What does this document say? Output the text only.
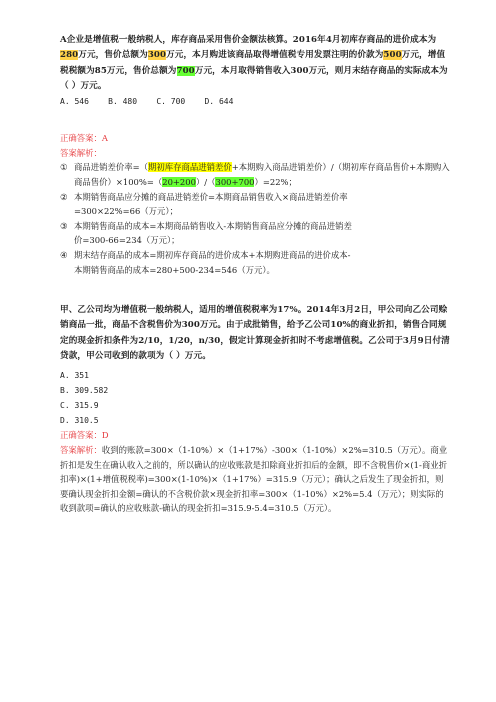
A企业是增值税一般纳税人，库存商品采用售价金额法核算。2016年4月初库存商品的进价成本为280万元，售价总额为300万元，本月购进该商品取得增值税专用发票注明的价款为500万元，增值税税额为85万元，售价总额为700万元，本月取得销售收入300万元，则月末结存商品的实际成本为（ ）万元。
A. 546    B. 480    C. 700    D. 644
正确答案：A
答案解析：
① 商品进销差价率=（期初库存商品进销差价+本期购入商品进销差价）/（期初库存商品售价+本期购入商品售价）×100%=（20+200）/（300+700）=22%；
② 本期销售商品应分摊的商品进销差价=本期商品销售收入×商品进销差价率
=300×22%=66（万元）；
③ 本期销售商品的成本=本期商品销售收入-本期销售商品应分摊的商品进销差
价=300-66=234（万元）；
④ 期末结存商品的成本=期初库存商品的进价成本+本期购进商品的进价成本-
本期销售商品的成本=280+500-234=546（万元）。
甲、乙公司均为增值税一般纳税人，适用的增值税税率为17%。2014年3月2日，甲公司向乙公司赊销商品一批，商品不含税售价为300万元。由于成批销售，给予乙公司10%的商业折扣，销售合同规定的现金折扣条件为2/10，1/20，n/30，假定计算现金折扣时不考虑增值税。乙公司于3月9日付清贷款，甲公司收到的款项为（ ）万元。
A. 351
B. 309.582
C. 315.9
D. 310.5
正确答案：D
答案解析：收到的账款=300×（1-10%）×（1+17%）-300×（1-10%）×2%=310.5（万元）。商业折扣是发生在确认收入之前的，所以确认的应收账款是扣除商业折扣后的金额，即不含税售价×(1-商业折扣率)×(1+增值税税率)=300×(1-10%)×（1+17%）=315.9（万元）；确认之后发生了现金折扣，则要确认现金折扣金额=确认的不含税价款×现金折扣率=300×（1-10%）×2%=5.4（万元）；则实际的收到款项=确认的应收账款-确认的现金折扣=315.9-5.4=310.5（万元）。
